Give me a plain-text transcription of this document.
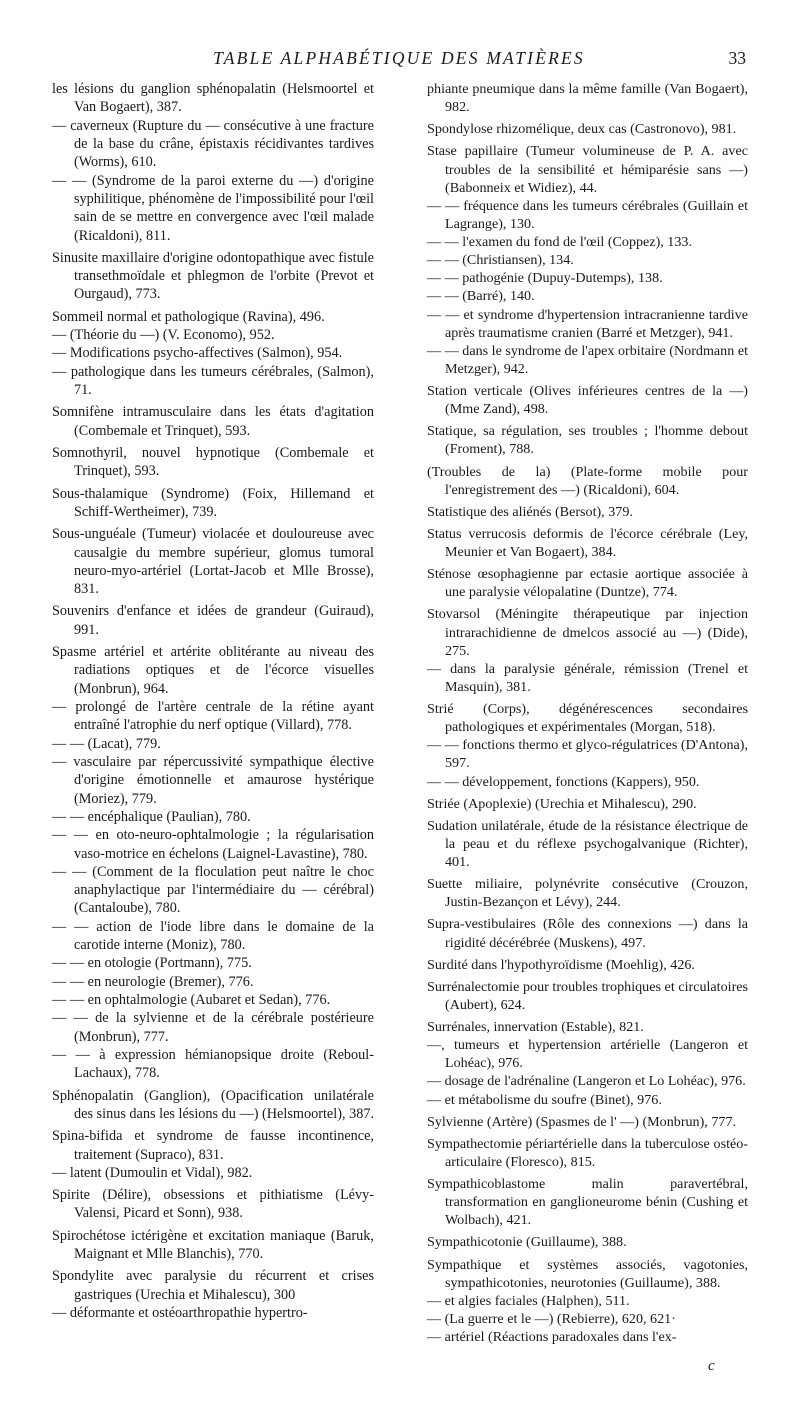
TABLE ALPHABÉTIQUE DES MATIÈRES	33

les lésions du ganglion sphénopalatin (Helsmoortel et Van Bogaert), 387.

— caverneux (Rupture du — consécutive à une fracture de la base du crâne, épistaxis récidivantes tardives (Worms), 610.

— — (Syndrome de la paroi externe du —) d'origine syphilitique, phénomène de l'impossibilité pour l'œil sain de se mettre en convergence avec l'œil malade (Ricaldoni), 811.

Sinusite maxillaire d'origine odontopathique avec fistule transethmoïdale et phlegmon de l'orbite (Prevot et Ourgaud), 773.

Sommeil normal et pathologique (Ravina), 496.

— (Théorie du —) (V. Economo), 952.

— Modifications psycho-affectives (Salmon), 954.

— pathologique dans les tumeurs cérébrales, (Salmon), 71.

Somnifène intramusculaire dans les états d'agitation (Combemale et Trinquet), 593.

Somnothyril, nouvel hypnotique (Combemale et Trinquet), 593.

Sous-thalamique (Syndrome) (Foix, Hillemand et Schiff-Wertheimer), 739.

Sous-unguéale (Tumeur) violacée et douloureuse avec causalgie du membre supérieur, glomus tumoral neuro-myo-artériel (Lortat-Jacob et Mlle Brosse), 831.

Souvenirs d'enfance et idées de grandeur (Guiraud), 991.

Spasme artériel et artérite oblitérante au niveau des radiations optiques et de l'écorce visuelles (Monbrun), 964.

— prolongé de l'artère centrale de la rétine ayant entraîné l'atrophie du nerf optique (Villard), 778.

— — (Lacat), 779.

— vasculaire par répercussivité sympathique élective d'origine émotionnelle et amaurose hystérique (Moriez), 779.

— — encéphalique (Paulian), 780.

— — en oto-neuro-ophtalmologie ; la régularisation vaso-motrice en échelons (Laignel-Lavastine), 780.

— — (Comment de la floculation peut naître le choc anaphylactique par l'intermédiaire du — cérébral) (Cantaloube), 780.

— — action de l'iode libre dans le domaine de la carotide interne (Moniz), 780.

— — en otologie (Portmann), 775.

— — en neurologie (Bremer), 776.

— — en ophtalmologie (Aubaret et Sedan), 776.

— — de la sylvienne et de la cérébrale postérieure (Monbrun), 777.

— — à expression hémianopsique droite (Reboul-Lachaux), 778.

Sphénopalatin (Ganglion), (Opacification unilatérale des sinus dans les lésions du —) (Helsmoortel), 387.

Spina-bifida et syndrome de fausse incontinence, traitement (Supraco), 831.

— latent (Dumoulin et Vidal), 982.

Spirite (Délire), obsessions et pithiatisme (Lévy-Valensi, Picard et Sonn), 938.

Spirochétose ictérigène et excitation maniaque (Baruk, Maignant et Mlle Blanchis), 770.

Spondylite avec paralysie du récurrent et crises gastriques (Urechia et Mihalescu), 300

— déformante et ostéoarthropathie hypertro-

phiante pneumique dans la même famille (Van Bogaert), 982.

Spondylose rhizomélique, deux cas (Castronovo), 981.

Stase papillaire (Tumeur volumineuse de P. A. avec troubles de la sensibilité et hémiparésie sans —) (Babonneix et Widiez), 44.

— — fréquence dans les tumeurs cérébrales (Guillain et Lagrange), 130.

— — l'examen du fond de l'œil (Coppez), 133.

— — (Christiansen), 134.

— — pathogénie (Dupuy-Dutemps), 138.

— — (Barré), 140.

— — et syndrome d'hypertension intracranienne tardive après traumatisme cranien (Barré et Metzger), 941.

— — dans le syndrome de l'apex orbitaire (Nordmann et Metzger), 942.

Station verticale (Olives inférieures centres de la —) (Mme Zand), 498.

Statique, sa régulation, ses troubles ; l'homme debout (Froment), 788.

(Troubles de la) (Plate-forme mobile pour l'enregistrement des —) (Ricaldoni), 604.

Statistique des aliénés (Bersot), 379.

Status verrucosis deformis de l'écorce cérébrale (Ley, Meunier et Van Bogaert), 384.

Sténose œsophagienne par ectasie aortique associée à une paralysie vélopalatine (Duntze), 774.

Stovarsol (Méningite thérapeutique par injection intrarachidienne de dmelcos associé au —) (Dide), 275.

— dans la paralysie générale, rémission (Trenel et Masquin), 381.

Strié (Corps), dégénérescences secondaires pathologiques et expérimentales (Morgan, 518).

— — fonctions thermo et glyco-régulatrices (D'Antona), 597.

— — développement, fonctions (Kappers), 950.

Striée (Apoplexie) (Urechia et Mihalescu), 290.

Sudation unilatérale, étude de la résistance électrique de la peau et du réflexe psychogalvanique (Richter), 401.

Suette miliaire, polynévrite consécutive (Crouzon, Justin-Bezançon et Lévy), 244.

Supra-vestibulaires (Rôle des connexions —) dans la rigidité décérébrée (Muskens), 497.

Surdité dans l'hypothyroïdisme (Moehlig), 426.

Surrénalectomie pour troubles trophiques et circulatoires (Aubert), 624.

Surrénales, innervation (Estable), 821.

—, tumeurs et hypertension artérielle (Langeron et Lohéac), 976.

— dosage de l'adrénaline (Langeron et Lo Lohéac), 976.

— et métabolisme du soufre (Binet), 976.

Sylvienne (Artère) (Spasmes de l' —) (Monbrun), 777.

Sympathectomie périartérielle dans la tuberculose ostéo-articulaire (Floresco), 815.

Sympathicoblastome malin paravertébral, transformation en ganglioneurome bénin (Cushing et Wolbach), 421.

Sympathicotonie (Guillaume), 388.

Sympathique et systèmes associés, vagotonies, sympathicotonies, neurotonies (Guillaume), 388.

— et algies faciales (Halphen), 511.

— (La guerre et le —) (Rebierre), 620, 621·

— artériel (Réactions paradoxales dans l'ex-

c
